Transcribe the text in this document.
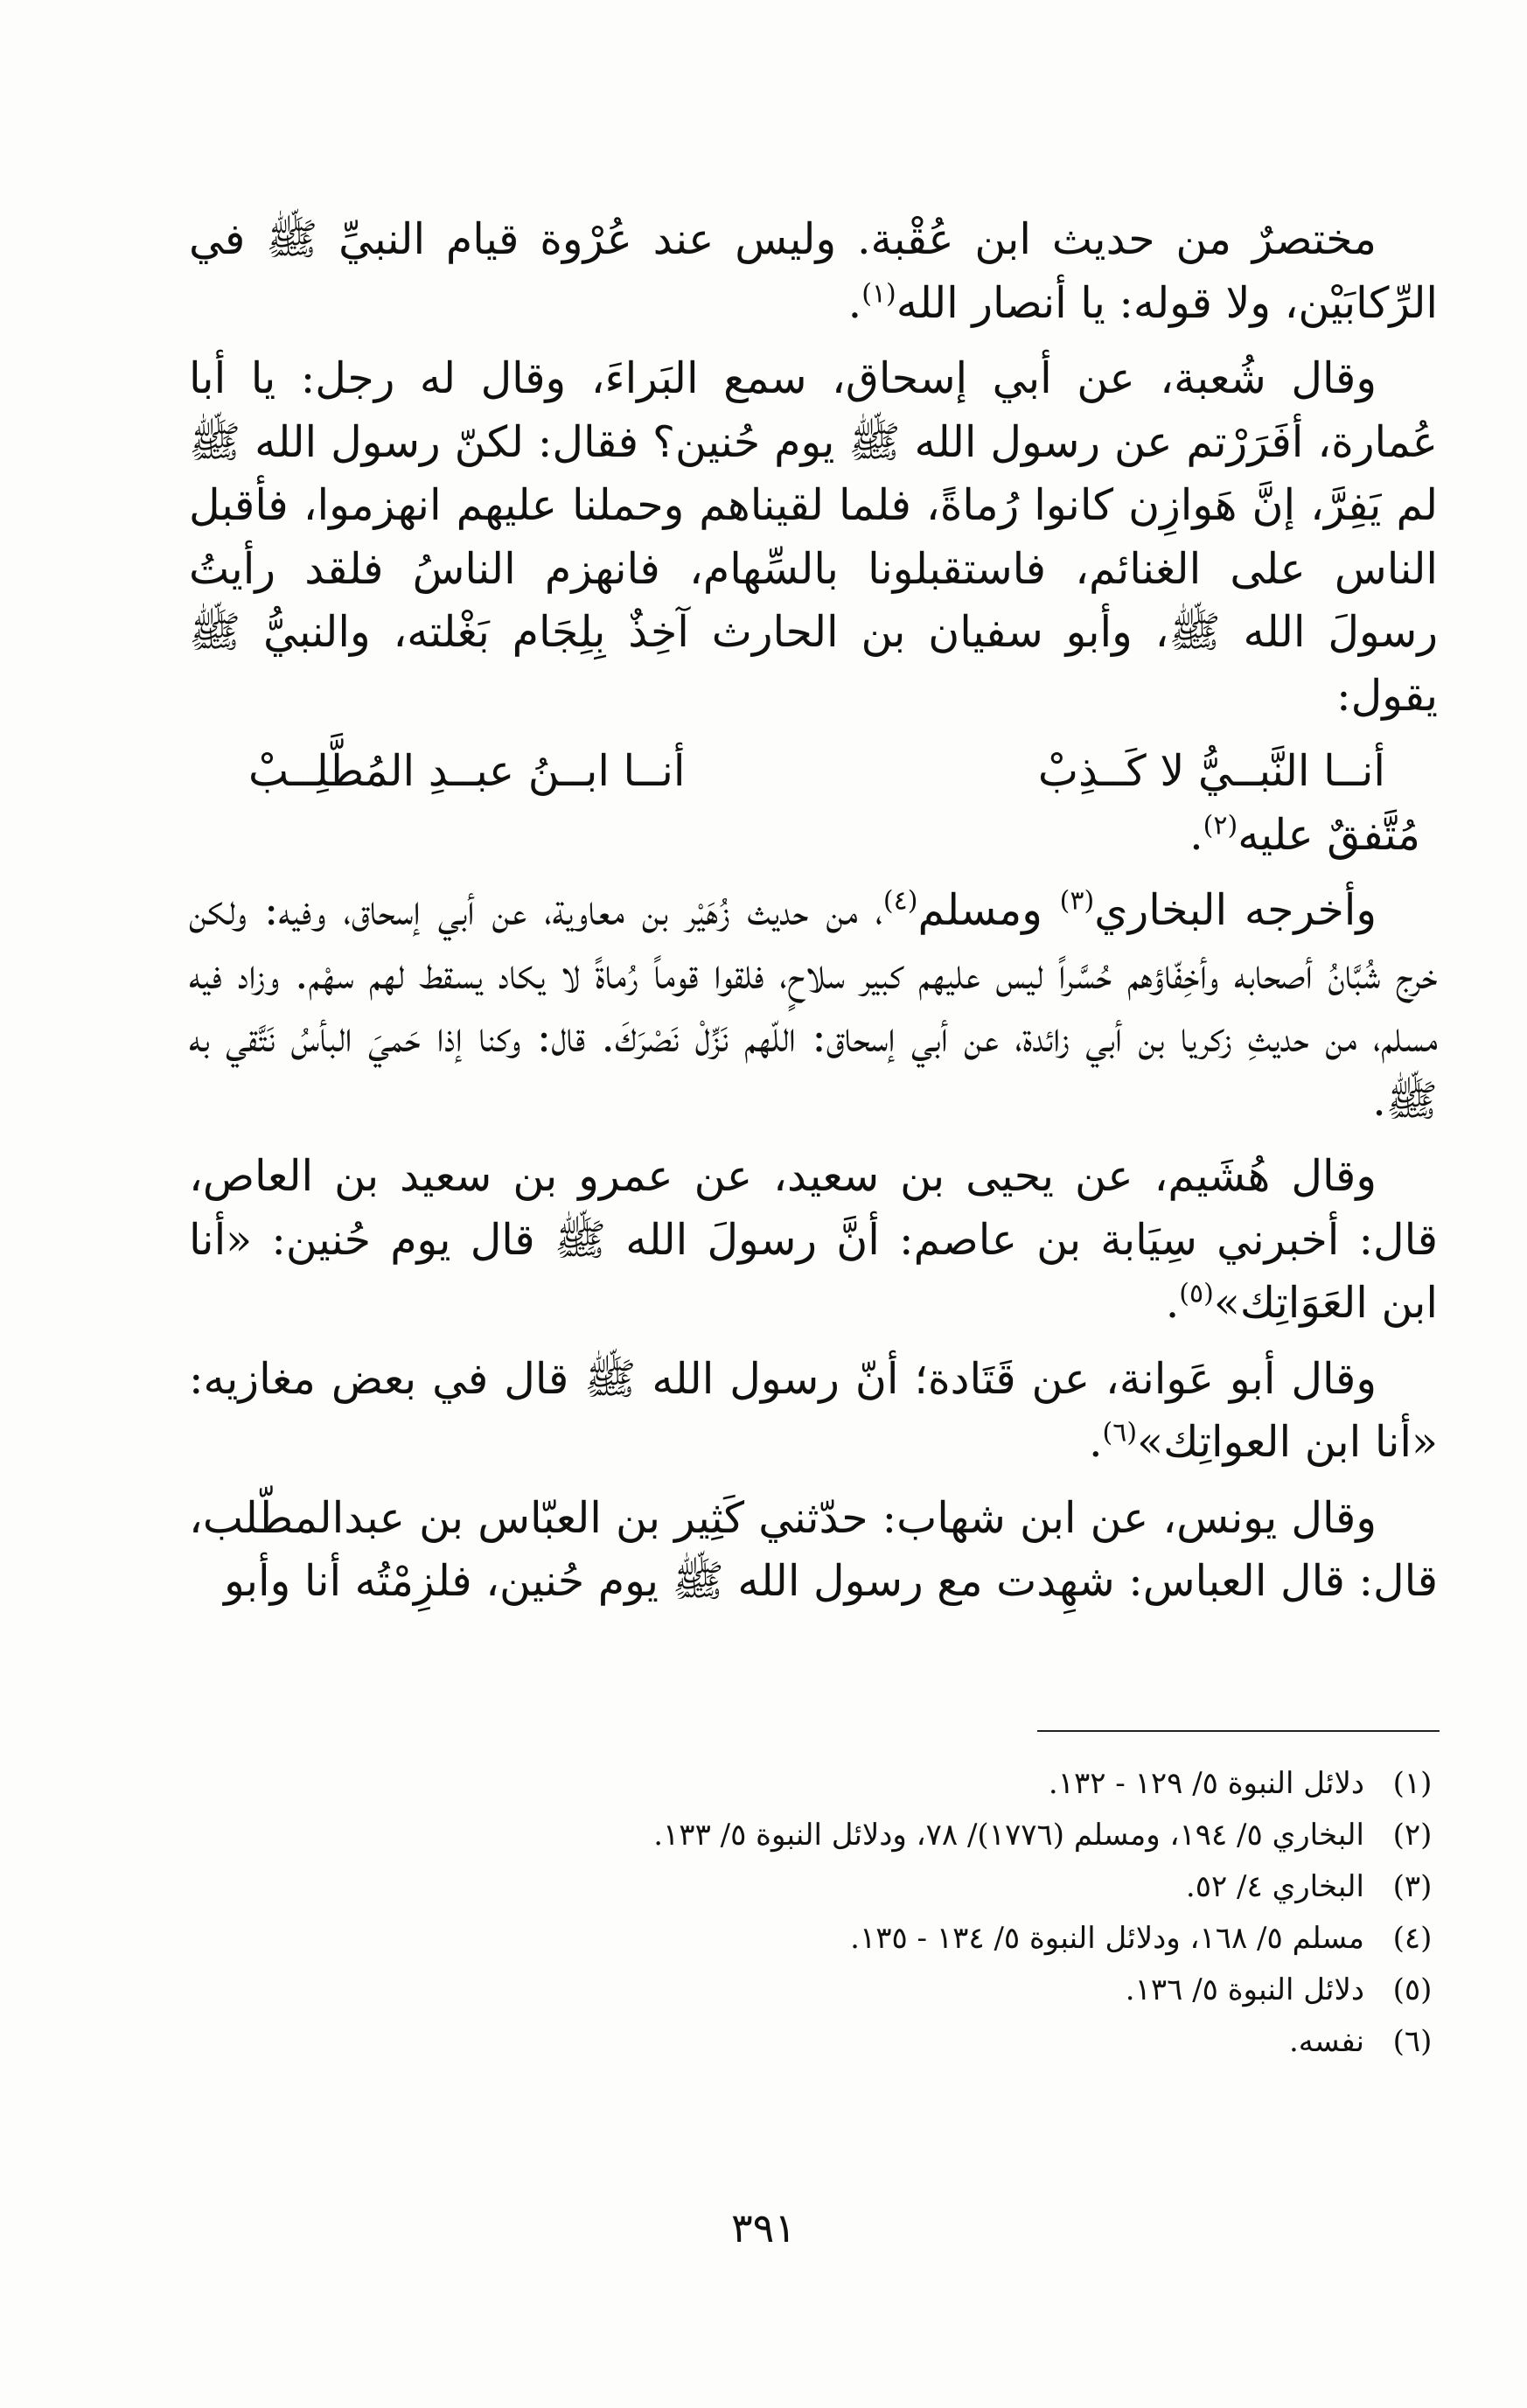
مختصرٌ من حديث ابن عُقْبة. وليس عند عُرْوة قيام النبيِّ ﷺ في الرِّكابَيْن، ولا قوله: يا أنصار الله$^{(١)}$.

وقال شُعبة، عن أبي إسحاق، سمع البَراءَ، وقال له رجل: يا أبا عُمارة، أفَرَرْتم عن رسول الله ﷺ يوم حُنين؟ فقال: لكنّ رسول الله ﷺ لم يَفِرَّ، إنَّ هَوازِن كانوا رُماةً، فلما لقيناهم وحملنا عليهم انهزموا، فأقبل الناس على الغنائم، فاستقبلونا بالسِّهام، فانهزم الناسُ فلقد رأيتُ رسولَ الله ﷺ، وأبو سفيان بن الحارث آخِذٌ بِلِجَام بَغْلته، والنبيُّ ﷺ يقول:

أنــا النَّبــيُّ لا كَــذِبْ
أنــا ابــنُ عبــدِ المُطَّلِــبْ
مُتَّفقٌ عليه$^{(٢)}$.

وأخرجه البخاري$^{(٣)}$ ومسلم$^{(٤)}$، من حديث زُهَيْر بن معاوية، عن أبي إسحاق، وفيه: ولكن خرج شُبَّانُ أصحابه وأخِفّاؤهم حُسَّراً ليس عليهم كبير سلاحٍ، فلقوا قوماً رُماةً لا يكاد يسقط لهم سهْم. وزاد فيه مسلم، من حديثِ زكريا بن أبي زائدة، عن أبي إسحاق: اللّهم نَزِّلْ نَصْرَكَ. قال: وكنا إذا حَميَ البأسُ نَتَّقي به ﷺ.

وقال هُشَيم، عن يحيى بن سعيد، عن عمرو بن سعيد بن العاص، قال: أخبرني سِيَابة بن عاصم: أنَّ رسولَ الله ﷺ قال يوم حُنين: «أنا ابن العَوَاتِك»$^{(٥)}$.

وقال أبو عَوانة، عن قَتَادة؛ أنّ رسول الله ﷺ قال في بعض مغازيه: «أنا ابن العواتِك»$^{(٦)}$.

وقال يونس، عن ابن شهاب: حدّثني كَثِير بن العبّاس بن عبدالمطّلب، قال: قال العباس: شهِدت مع رسول الله ﷺ يوم حُنين، فلزِمْتُه أنا وأبو

(١)
دلائل النبوة ٥/ ١٢٩ - ١٣٢.
(٢)
البخاري ٥/ ١٩٤، ومسلم (١٧٧٦)/ ٧٨، ودلائل النبوة ٥/ ١٣٣.
(٣)
البخاري ٤/ ٥٢.
(٤)
مسلم ٥/ ١٦٨، ودلائل النبوة ٥/ ١٣٤ - ١٣٥.
(٥)
دلائل النبوة ٥/ ١٣٦.
(٦)
نفسه.
٣٩١
